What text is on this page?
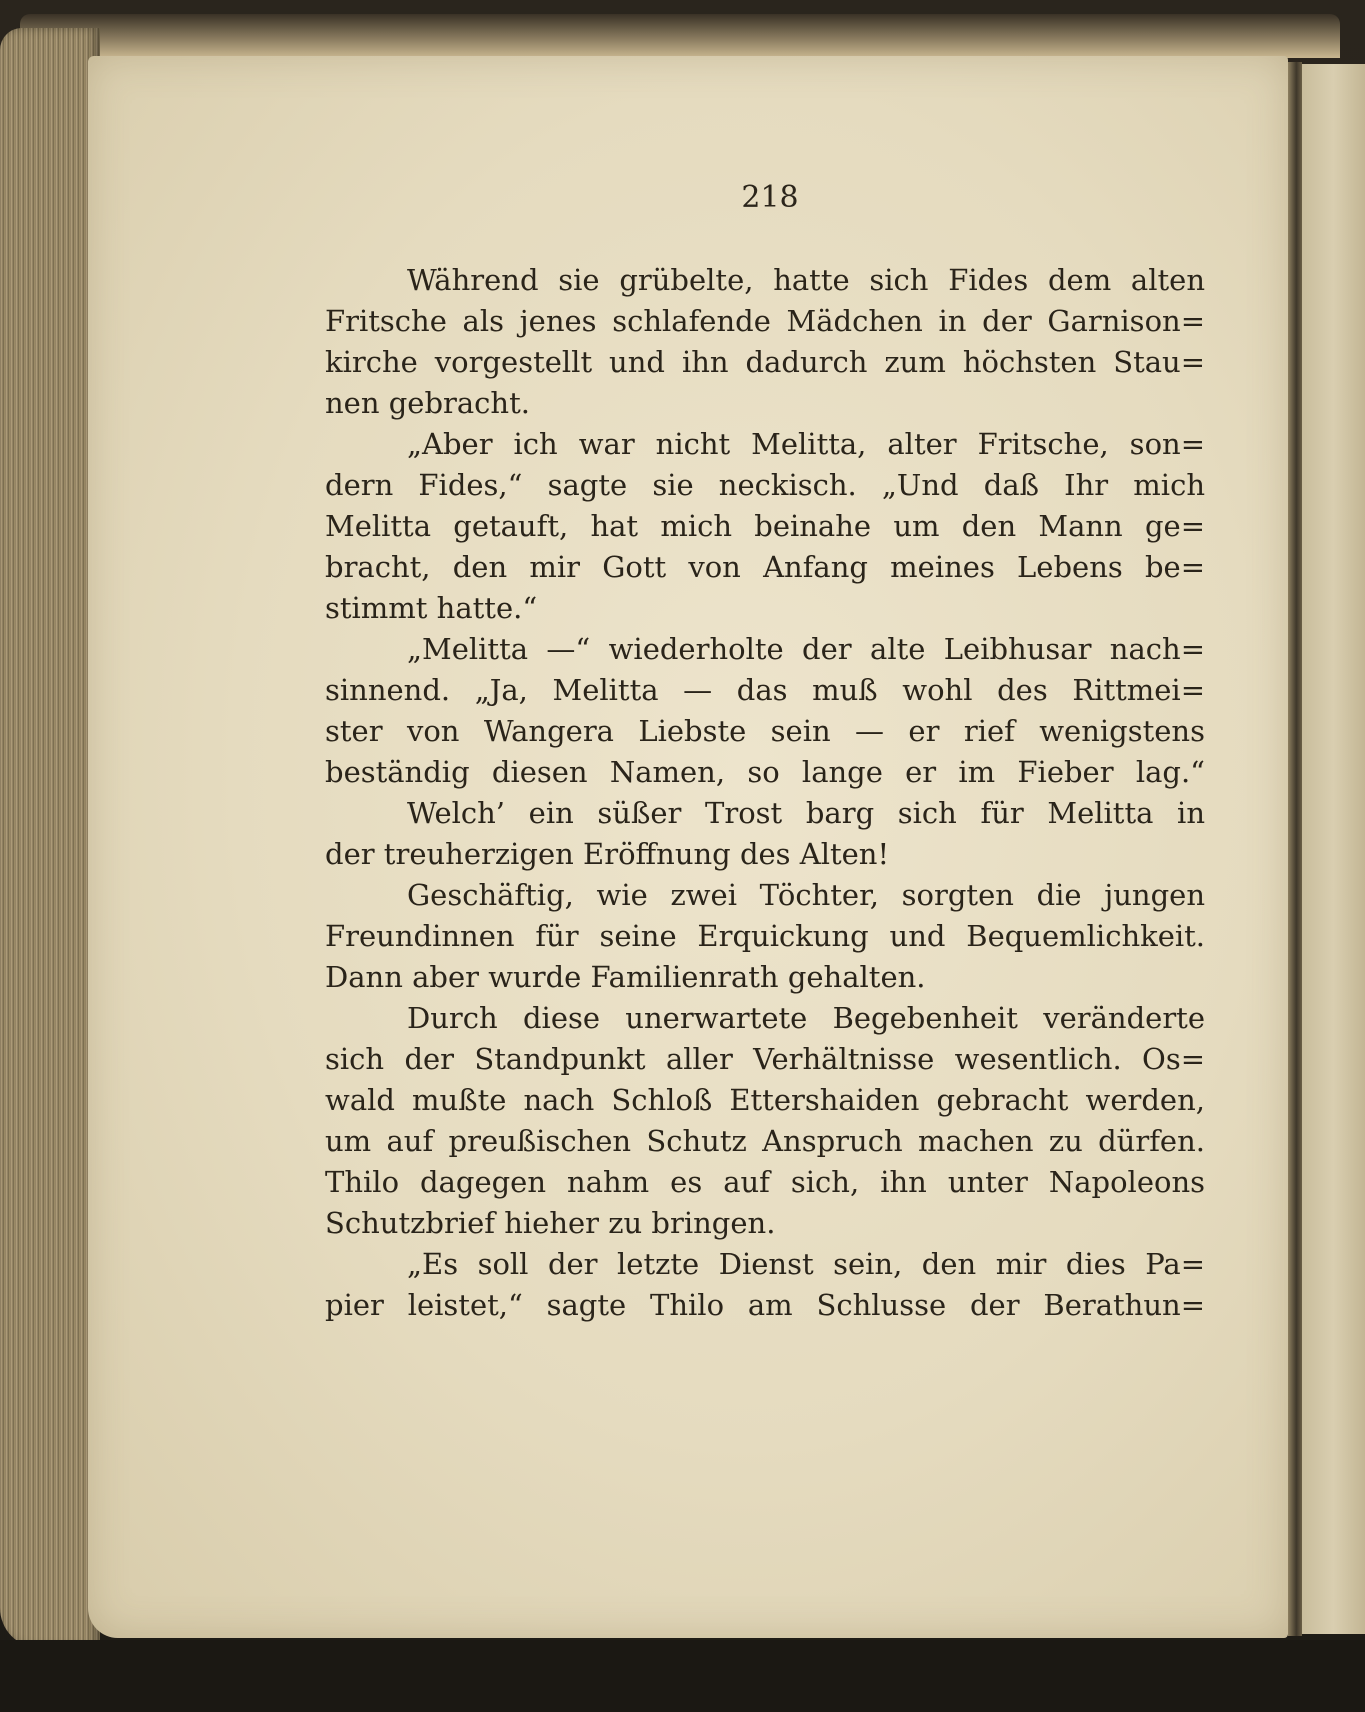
218
Während sie grübelte, hatte sich Fides dem alten
Fritsche als jenes schlafende Mädchen in der Garnison=
kirche vorgestellt und ihn dadurch zum höchsten Stau=
nen gebracht.
„Aber ich war nicht Melitta, alter Fritsche, son=
dern Fides,“ sagte sie neckisch. „Und daß Ihr mich
Melitta getauft, hat mich beinahe um den Mann ge=
bracht, den mir Gott von Anfang meines Lebens be=
stimmt hatte.“
„Melitta —“ wiederholte der alte Leibhusar nach=
sinnend. „Ja, Melitta — das muß wohl des Rittmei=
ster von Wangera Liebste sein — er rief wenigstens
beständig diesen Namen, so lange er im Fieber lag.“
Welch’ ein süßer Trost barg sich für Melitta in
der treuherzigen Eröffnung des Alten!
Geschäftig, wie zwei Töchter, sorgten die jungen
Freundinnen für seine Erquickung und Bequemlichkeit.
Dann aber wurde Familienrath gehalten.
Durch diese unerwartete Begebenheit veränderte
sich der Standpunkt aller Verhältnisse wesentlich. Os=
wald mußte nach Schloß Ettershaiden gebracht werden,
um auf preußischen Schutz Anspruch machen zu dürfen.
Thilo dagegen nahm es auf sich, ihn unter Napoleons
Schutzbrief hieher zu bringen.
„Es soll der letzte Dienst sein, den mir dies Pa=
pier leistet,“ sagte Thilo am Schlusse der Berathun=
